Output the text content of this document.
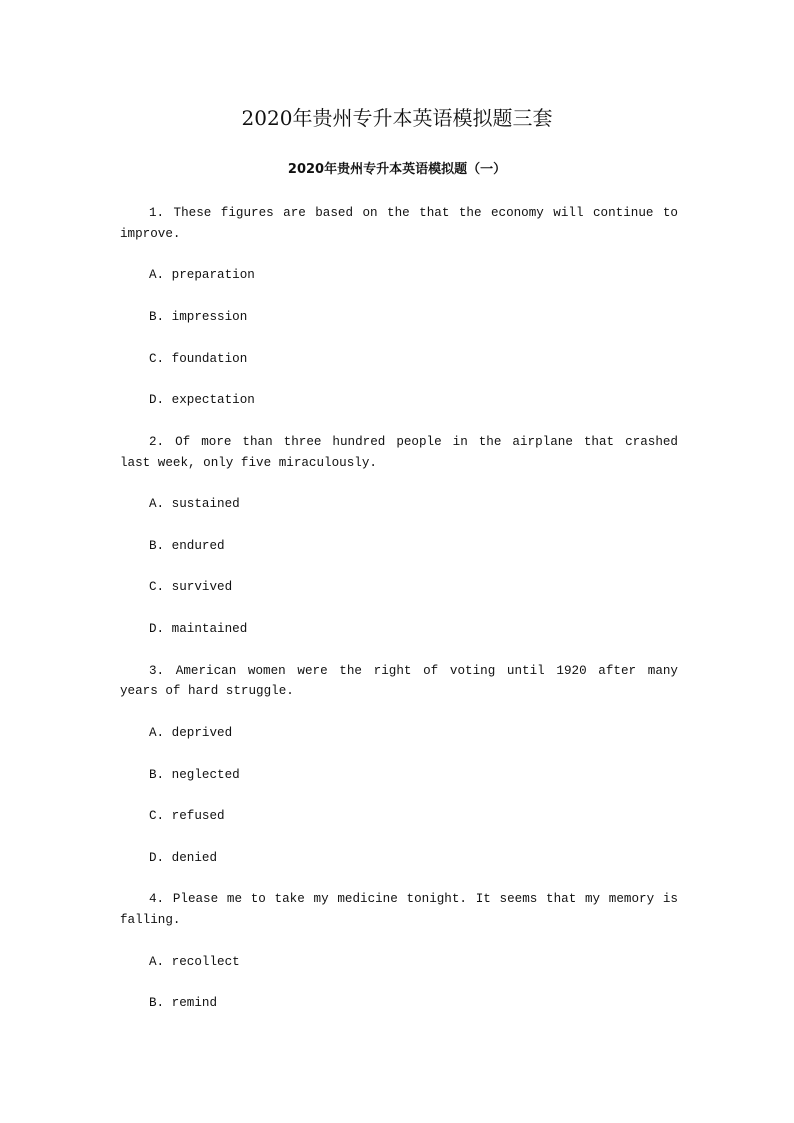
2020年贵州专升本英语模拟题三套
2020年贵州专升本英语模拟题（一）

1. These figures are based on the that the economy will continue to improve.

A. preparation

B. impression

C. foundation

D. expectation

2. Of more than three hundred people in the airplane that crashed last week, only five miraculously.

A. sustained

B. endured

C. survived

D. maintained

3. American women were the right of voting until 1920 after many years of hard struggle.

A. deprived

B. neglected

C. refused

D. denied

4. Please me to take my medicine tonight. It seems that my memory is falling.

A. recollect

B. remind
